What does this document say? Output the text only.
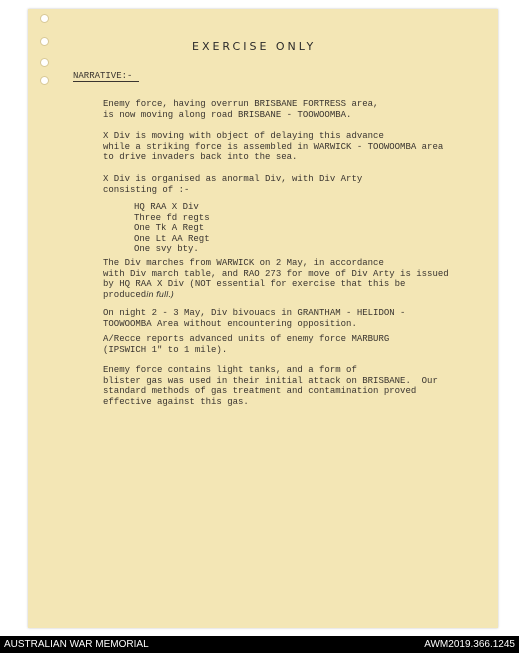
EXERCISE ONLY
NARRATIVE:-
Enemy force, having overrun BRISBANE FORTRESS area,
is now moving along road BRISBANE - TOOWOOMBA.
X Div is moving with object of delaying this advance
while a striking force is assembled in WARWICK - TOOWOOMBA area
to drive invaders back into the sea.
X Div is organised as anormal Div, with Div Arty
consisting of :-
HQ RAA X Div
Three fd regts
One Tk A Regt
One Lt AA Regt
One svy bty.
The Div marches from WARWICK on 2 May, in accordance
with Div march table, and RAO 273 for move of Div Arty is issued
by HQ RAA X Div (NOT essential for exercise that this be
producedin full.)
On night 2 - 3 May, Div bivouacs in GRANTHAM - HELIDON -
TOOWOOMBA Area without encountering opposition.
A/Recce reports advanced units of enemy force MARBURG
(IPSWICH 1" to 1 mile).
Enemy force contains light tanks, and a form of
blister gas was used in their initial attack on BRISBANE.  Our
standard methods of gas treatment and contamination proved
effective against this gas.
AUSTRALIAN WAR MEMORIAL	AWM2019.366.1245
